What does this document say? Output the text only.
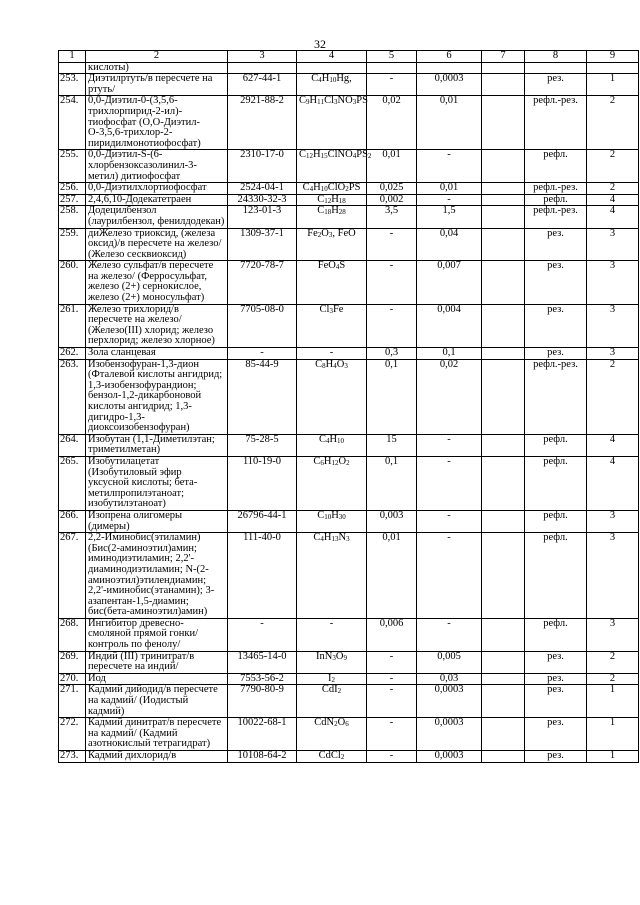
32
1	2	3	4	5	6	7	8	9
	кислоты)							
253.	Диэтилртуть/в пересчете на ртуть/	627-44-1	$C_4H_{10}Hg$,	-	0,0003		рез.	1
254.	0,0-Диэтил-0-(3,5,6-трихлорпирид-2-ил)-тиофосфат (О,О-Диэтил-О-3,5,6-трихлор-2-пиридилмонотиофосфат)	2921-88-2	$C_9H_{11}Cl_3NO_3PS$	0,02	0,01		рефл.-рез.	2
255.	0,0-Диэтил-S-(6-хлорбензоксазолинил-3-метил) дитиофосфат	2310-17-0	$C_{12}H_{15}ClNO_4PS_2$	0,01	-		рефл.	2
256.	0,0-Диэтилхлортиофосфат	2524-04-1	$C_4H_{10}ClO_2PS$	0,025	0,01		рефл.-рез.	2
257.	2,4,6,10-Додекатетраен	24330-32-3	$C_{12}H_{18}$	0,002	-		рефл.	4
258.	Додецилбензол (лаурилбензол, фенилдодекан)	123-01-3	$C_{18}H_{28}$	3,5	1,5		рефл.-рез.	4
259.	диЖелезо триоксид, (железа оксид)/в пересчете на железо/ (Железо сесквиоксид)	1309-37-1	$Fe_2O_3$, FeO	-	0,04		рез.	3
260.	Железо сульфат/в пересчете на железо/ (Ферросульфат, железо (2+) сернокислое, железо (2+) моносульфат)	7720-78-7	FeO$_4$S	-	0,007		рез.	3
261.	Железо трихлорид/в пересчете на железо/ (Железо(III) хлорид; железо перхлорид; железо хлорное)	7705-08-0	$Cl_3Fe$	-	0,004		рез.	3
262.	Зола сланцевая	-	-	0,3	0,1		рез.	3
263.	Изобензофуран-1,3-дион (Фталевой кислоты ангидрид; 1,3-изобензофурандион; бензол-1,2-дикарбоновой кислоты ангидрид; 1,3-дигидро-1,3-диоксоизобензофуран)	85-44-9	$C_8H_4O_3$	0,1	0,02		рефл.-рез.	2
264.	Изобутан (1,1-Диметилэтан; триметилметан)	75-28-5	$C_4H_{10}$	15	-		рефл.	4
265.	Изобутилацетат (Изобутиловый эфир уксусной кислоты; бета-метилпропилэтаноат; изобутилэтаноат)	110-19-0	$C_6H_{12}O_2$	0,1	-		рефл.	4
266.	Изопрена олигомеры (димеры)	26796-44-1	$C_{10}H_{30}$	0,003	-		рефл.	3
267.	2,2-Иминобис(этиламин) (Бис(2-аминоэтил)амин; иминодиэтиламин; 2,2'-диаминодиэтиламин; N-(2-аминоэтил)этилендиамин; 2,2'-иминобис(этанамин); 3-азапентан-1,5-диамин; бис(бета-аминоэтил)амин)	111-40-0	$C_4H_{13}N_3$	0,01	-		рефл.	3
268.	Ингибитор древесно-смоляной прямой гонки/контроль по фенолу/	-	-	0,006	-		рефл.	3
269.	Индий (III) тринитрат/в пересчете на индий/	13465-14-0	$InN_3O_9$	-	0,005		рез.	2
270.	Иод	7553-56-2	$I_2$	-	0,03		рез.	2
271.	Кадмий дийодид/в пересчете на кадмий/ (Иодистый кадмий)	7790-80-9	CdI$_2$	-	0,0003		рез.	1
272.	Кадмий динитрат/в пересчете на кадмий/ (Кадмий азотнокислый тетрагидрат)	10022-68-1	$CdN_2O_6$	-	0,0003		рез.	1
273.	Кадмий дихлорид/в	10108-64-2	CdCl$_2$	-	0,0003		рез.	1
